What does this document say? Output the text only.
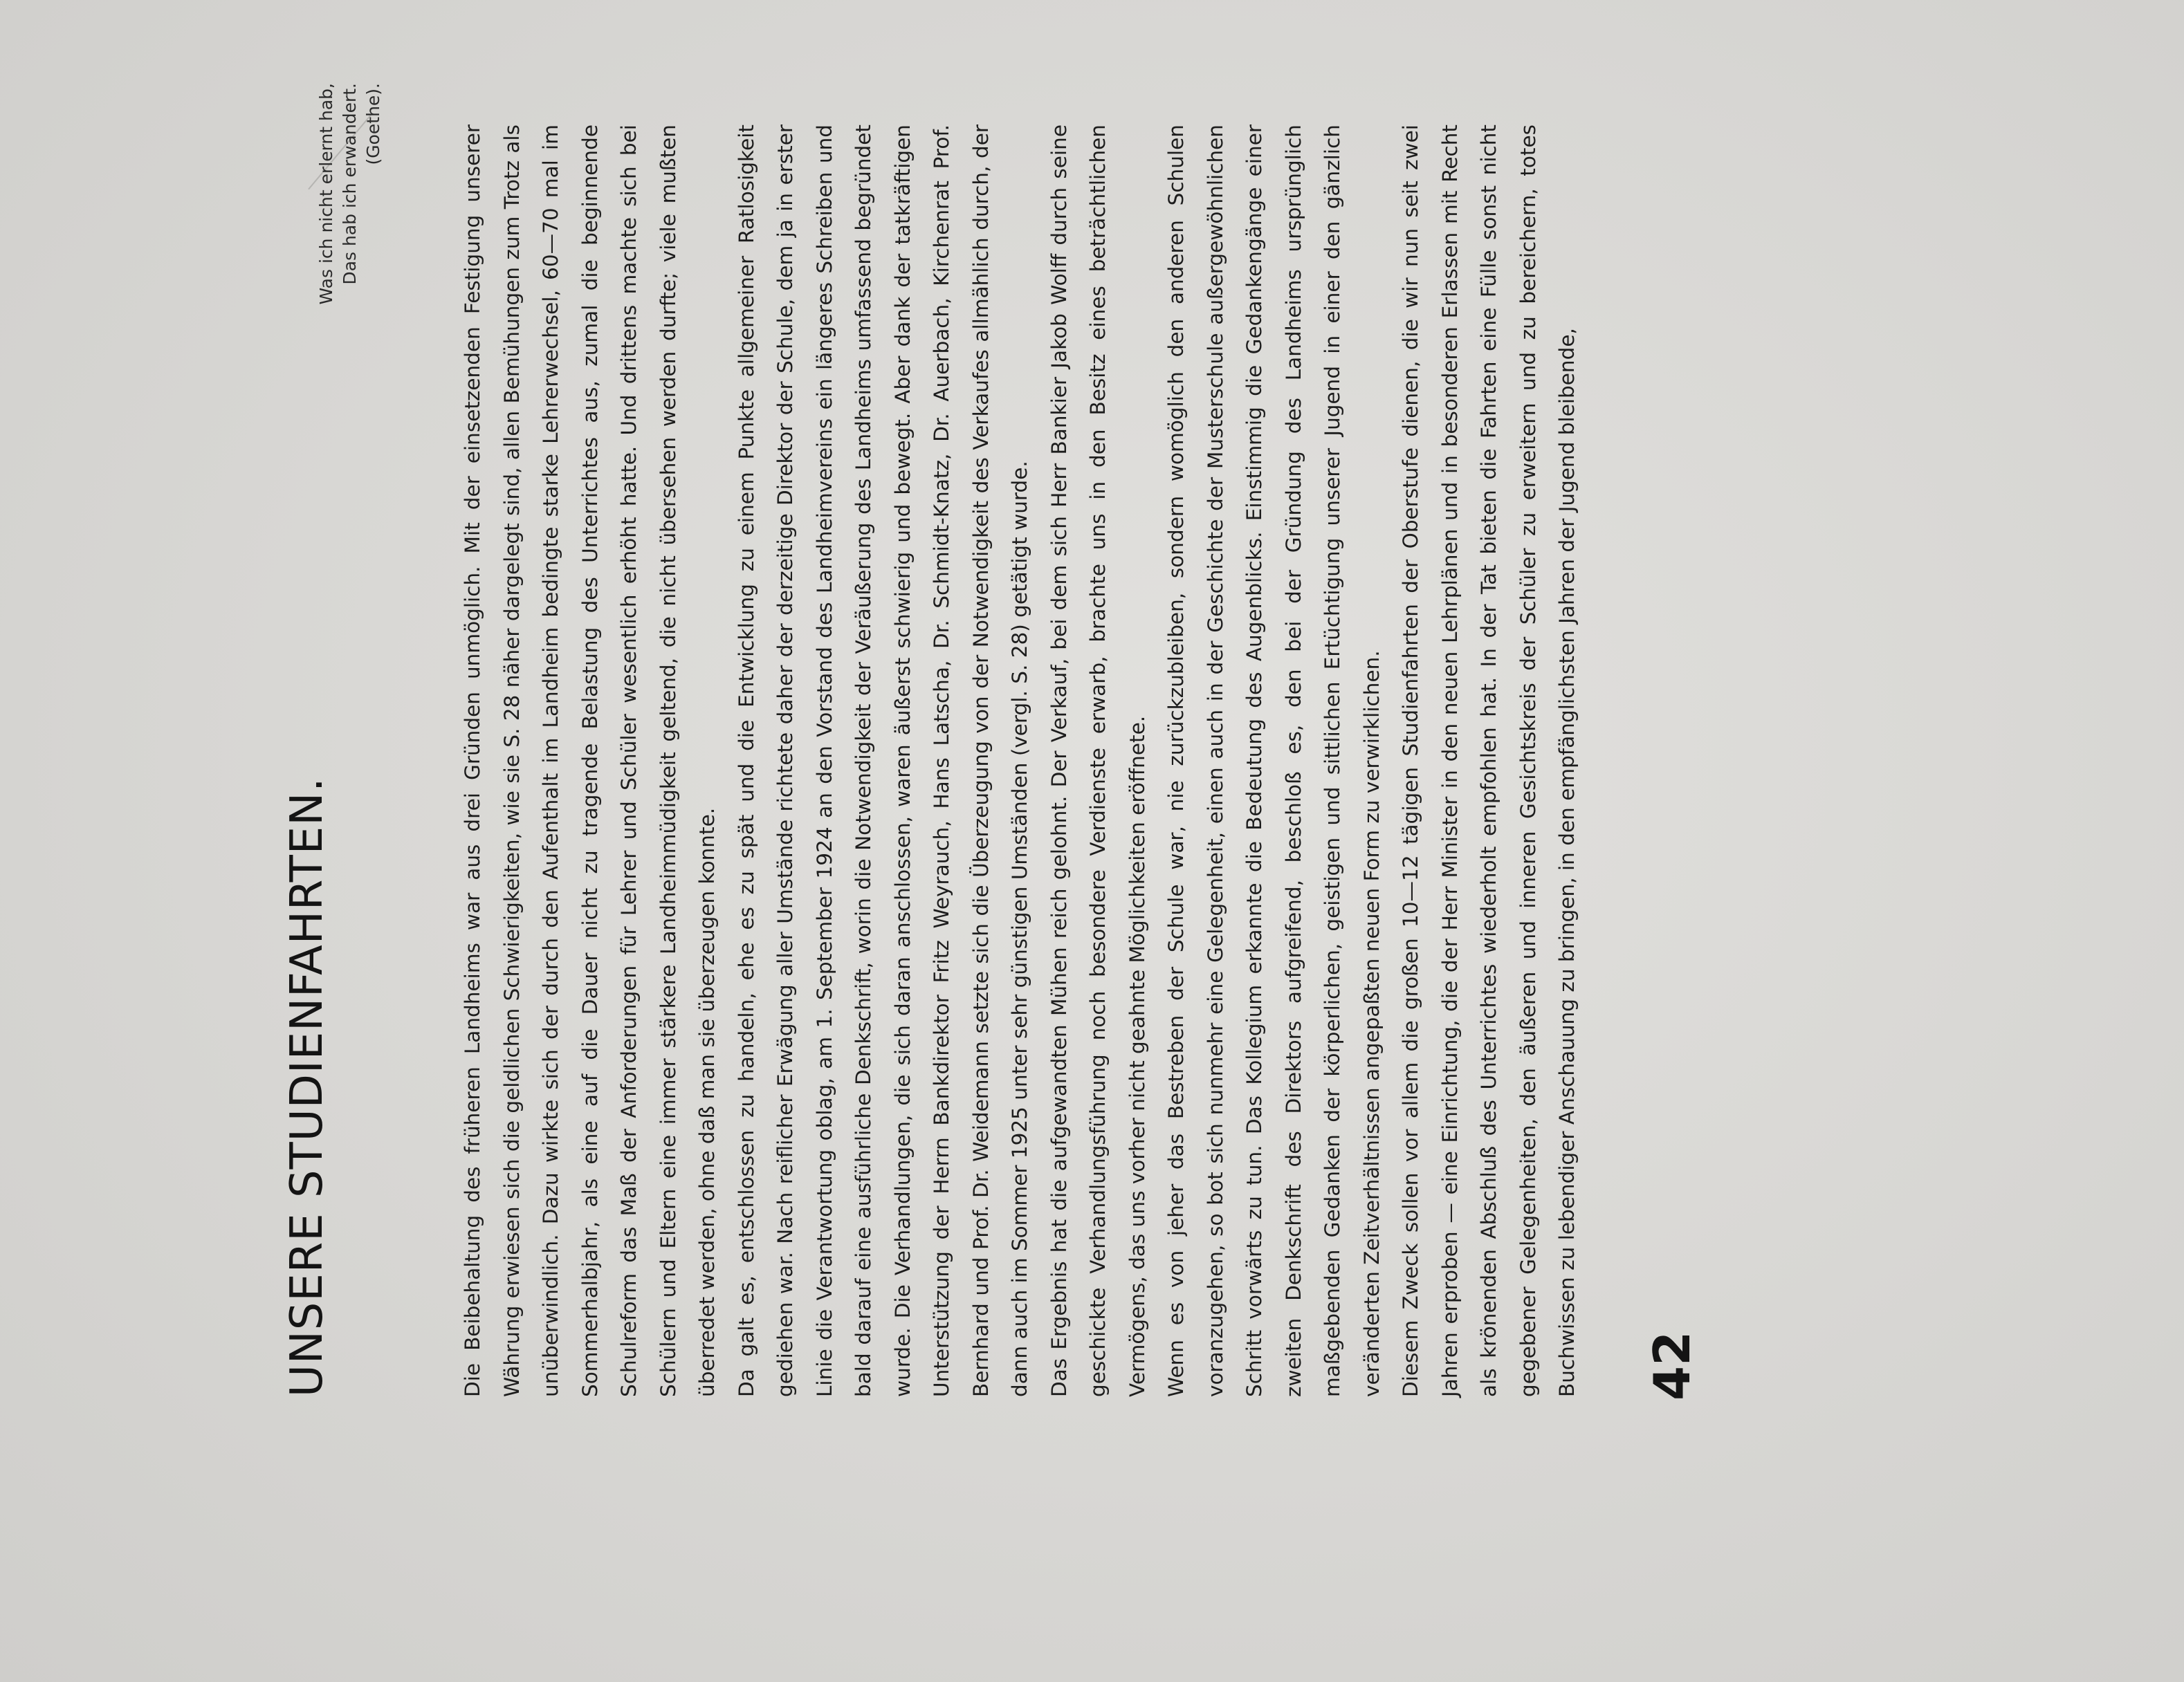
UNSERE STUDIENFAHRTEN.
Was ich nicht erlernt hab, Das hab ich erwandert. (Goethe).

Die Beibehaltung des früheren Landheims war aus drei Gründen unmöglich. Mit der einsetzenden Festigung unserer Währung erwiesen sich die geldlichen Schwierigkeiten, wie sie S. 28 näher dargelegt sind, allen Bemühungen zum Trotz als unüberwindlich. Dazu wirkte sich der durch den Aufenthalt im Landheim bedingte starke Lehrerwechsel, 60—70 mal im Sommerhalbjahr, als eine auf die Dauer nicht zu tragende Belastung des Unterrichtes aus, zumal die beginnende Schulreform das Maß der Anforderungen für Lehrer und Schüler wesentlich erhöht hatte. Und drittens machte sich bei Schülern und Eltern eine immer stärkere Landheimmüdigkeit geltend, die nicht übersehen werden durfte; viele mußten überredet werden, ohne daß man sie überzeugen konnte. Da galt es, entschlossen zu handeln, ehe es zu spät und die Entwicklung zu einem Punkte allgemeiner Ratlosigkeit gediehen war. Nach reiflicher Erwägung aller Umstände richtete daher der derzeitige Direktor der Schule, dem ja in erster Linie die Verantwortung oblag, am 1. September 1924 an den Vorstand des Landheimvereins ein längeres Schreiben und bald darauf eine ausführliche Denkschrift, worin die Notwendigkeit der Veräußerung des Landheims umfassend begründet wurde. Die Verhandlungen, die sich daran anschlossen, waren äußerst schwierig und bewegt. Aber dank der tatkräftigen Unterstützung der Herrn Bankdirektor Fritz Weyrauch, Hans Latscha, Dr. Schmidt-Knatz, Dr. Auerbach, Kirchenrat Prof. Bernhard und Prof. Dr. Weidemann setzte sich die Überzeugung von der Notwendigkeit des Verkaufes allmählich durch, der dann auch im Sommer 1925 unter sehr günstigen Umständen (vergl. S. 28) getätigt wurde. Das Ergebnis hat die aufgewandten Mühen reich gelohnt. Der Verkauf, bei dem sich Herr Bankier Jakob Wolff durch seine geschickte Verhandlungsführung noch besondere Verdienste erwarb, brachte uns in den Besitz eines beträchtlichen Vermögens, das uns vorher nicht geahnte Möglichkeiten eröffnete. Wenn es von jeher das Bestreben der Schule war, nie zurückzubleiben, sondern womöglich den anderen Schulen voranzugehen, so bot sich nunmehr eine Gelegenheit, einen auch in der Geschichte der Musterschule außergewöhnlichen Schritt vorwärts zu tun. Das Kollegium erkannte die Bedeutung des Augenblicks. Einstimmig die Gedankengänge einer zweiten Denkschrift des Direktors aufgreifend, beschloß es, den bei der Gründung des Landheims ursprünglich maßgebenden Gedanken der körperlichen, geistigen und sittlichen Ertüchtigung unserer Jugend in einer den gänzlich veränderten Zeitverhältnissen angepaßten neuen Form zu verwirklichen. Diesem Zweck sollen vor allem die großen 10—12 tägigen Studienfahrten der Oberstufe dienen, die wir nun seit zwei Jahren erproben — eine Einrichtung, die der Herr Minister in den neuen Lehrplänen und in besonderen Erlassen mit Recht als krönenden Abschluß des Unterrichtes wiederholt empfohlen hat. In der Tat bieten die Fahrten eine Fülle sonst nicht gegebener Gelegenheiten, den äußeren und inneren Gesichtskreis der Schüler zu erweitern und zu bereichern, totes Buchwissen zu lebendiger Anschauung zu bringen, in den empfänglichsten Jahren der Jugend bleibende, 42
